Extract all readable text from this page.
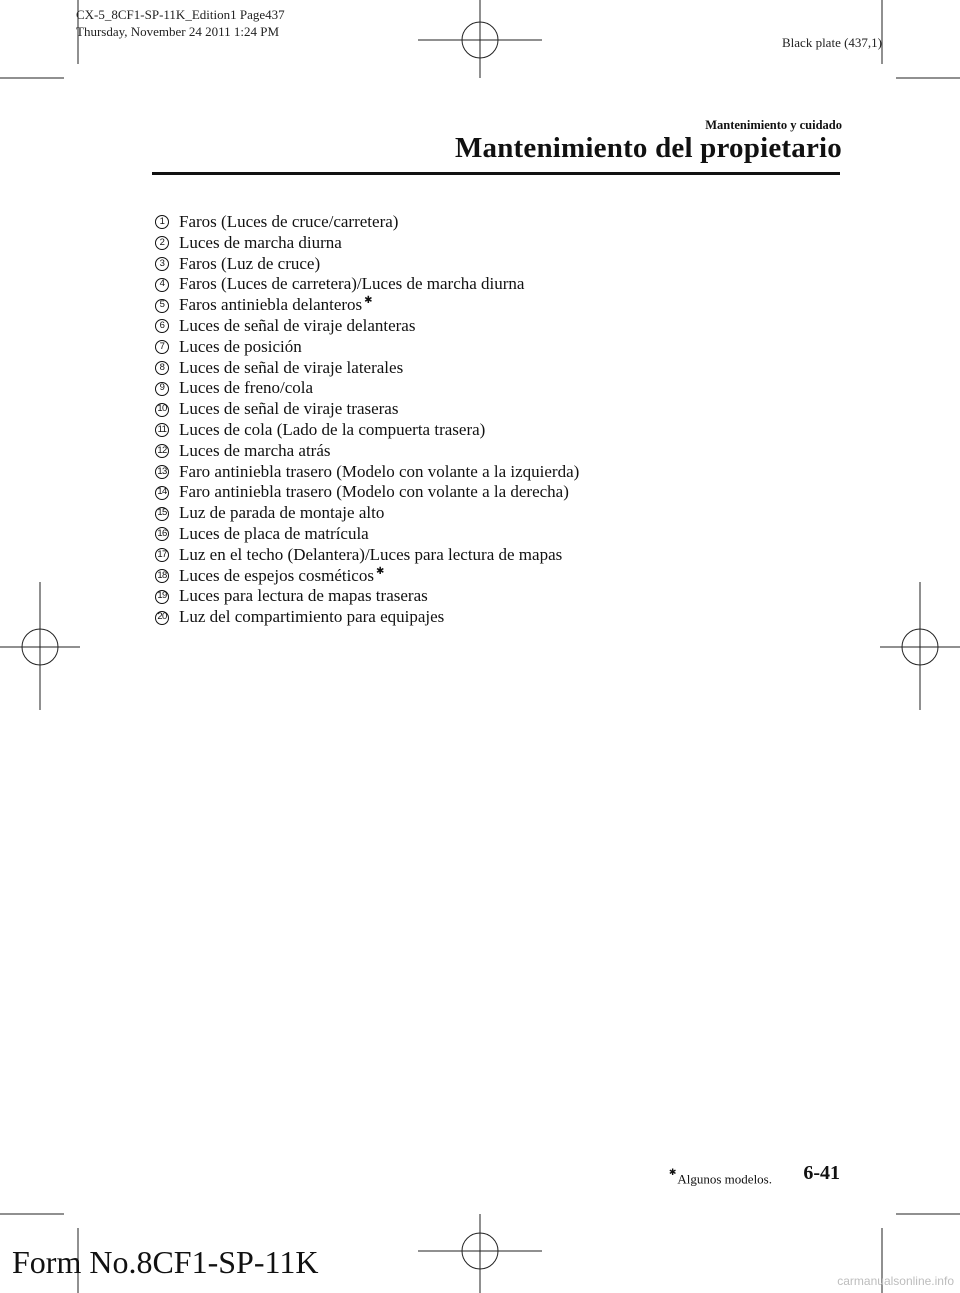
CX-5_8CF1-SP-11K_Edition1 Page437
Thursday, November 24 2011 1:24 PM
Black plate (437,1)
Mantenimiento y cuidado
Mantenimiento del propietario
1 Faros (Luces de cruce/carretera)
2 Luces de marcha diurna
3 Faros (Luz de cruce)
4 Faros (Luces de carretera)/Luces de marcha diurna
5 Faros antiniebla delanteros ✱
6 Luces de señal de viraje delanteras
7 Luces de posición
8 Luces de señal de viraje laterales
9 Luces de freno/cola
10 Luces de señal de viraje traseras
11 Luces de cola (Lado de la compuerta trasera)
12 Luces de marcha atrás
13 Faro antiniebla trasero (Modelo con volante a la izquierda)
14 Faro antiniebla trasero (Modelo con volante a la derecha)
15 Luz de parada de montaje alto
16 Luces de placa de matrícula
17 Luz en el techo (Delantera)/Luces para lectura de mapas
18 Luces de espejos cosméticos ✱
19 Luces para lectura de mapas traseras
20 Luz del compartimiento para equipajes
✱Algunos modelos. 6-41
Form No.8CF1-SP-11K
carmanualsonline.info
